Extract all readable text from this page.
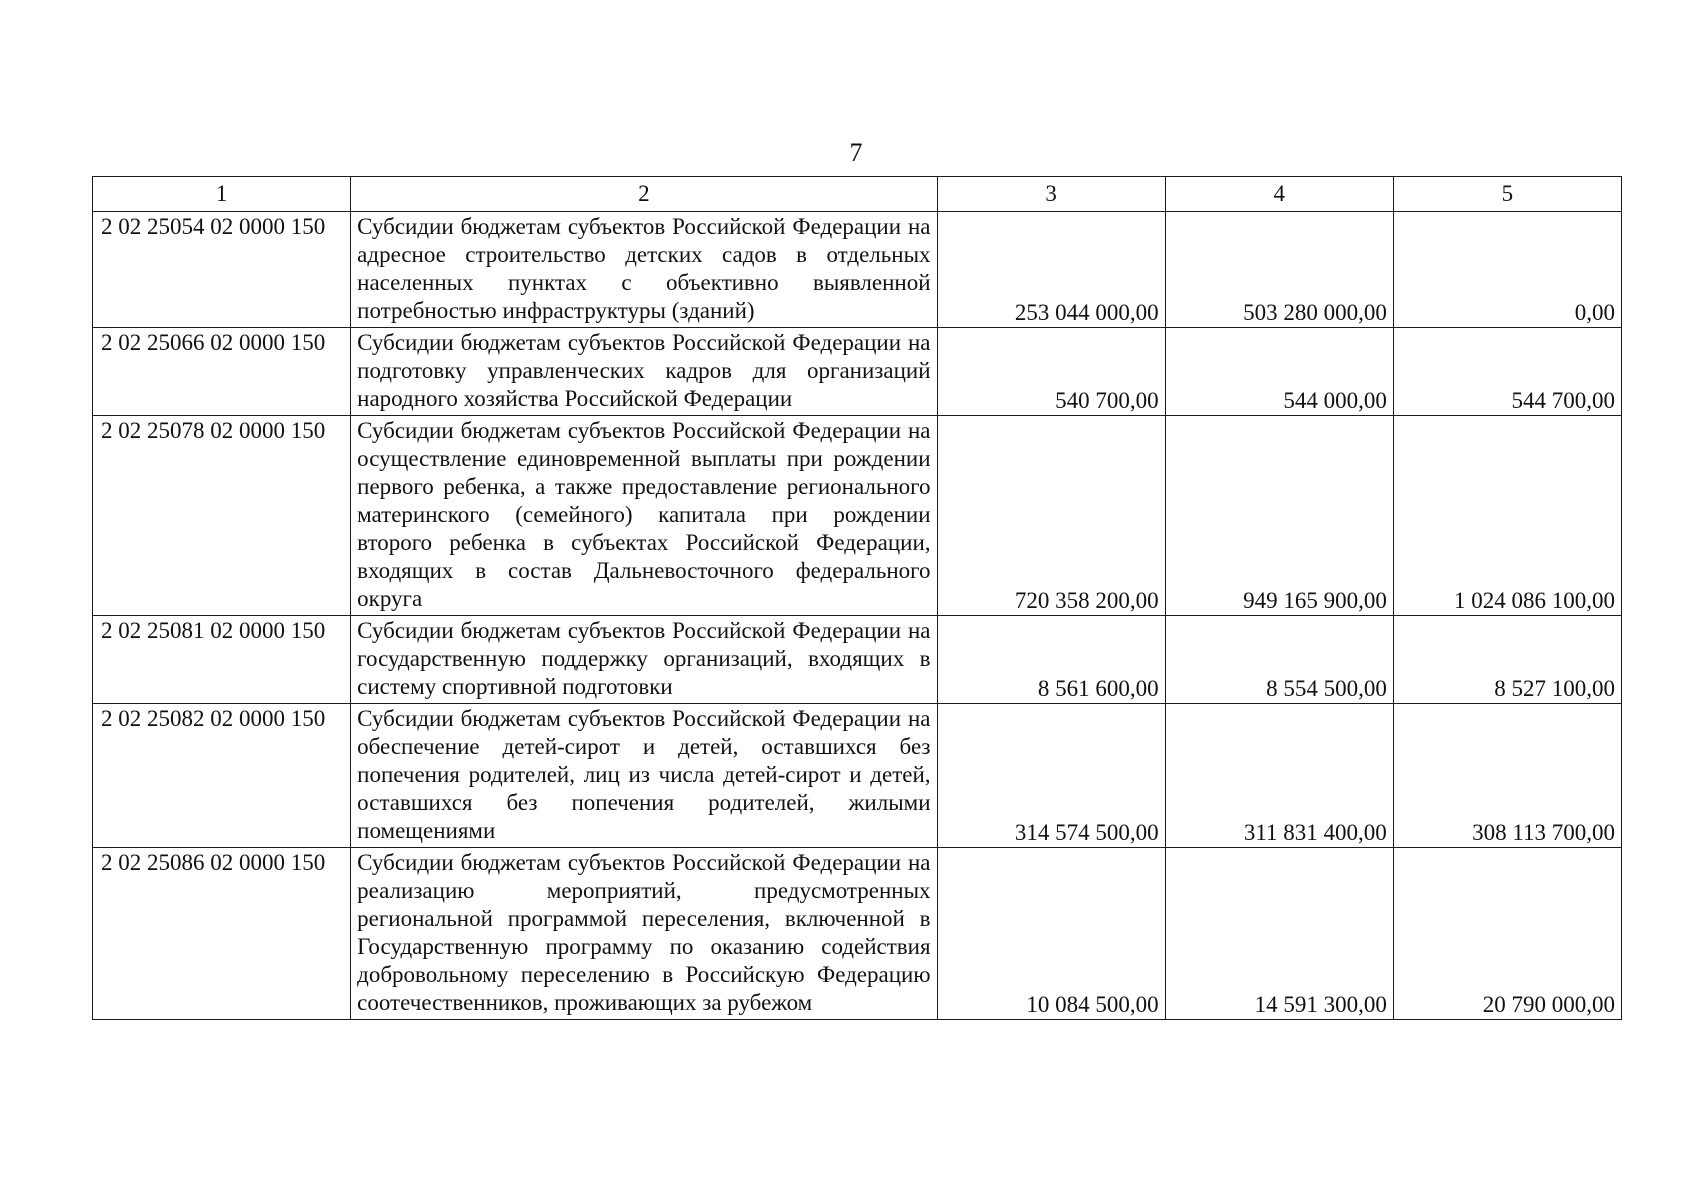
7
1	2	3	4	5
2 02 25054 02 0000 150	Субсидии бюджетам субъектов Российской Федерации на адресное строительство детских садов в отдельных населенных пунктах с объективно выявленной потребностью инфраструктуры (зданий)	253 044 000,00	503 280 000,00	0,00
2 02 25066 02 0000 150	Субсидии бюджетам субъектов Российской Федерации на подготовку управленческих кадров для организаций народного хозяйства Российской Федерации	540 700,00	544 000,00	544 700,00
2 02 25078 02 0000 150	Субсидии бюджетам субъектов Российской Федерации на осуществление единовременной выплаты при рождении первого ребенка, а также предоставление регионального материнского (семейного) капитала при рождении второго ребенка в субъектах Российской Федерации, входящих в состав Дальневосточного федерального округа	720 358 200,00	949 165 900,00	1 024 086 100,00
2 02 25081 02 0000 150	Субсидии бюджетам субъектов Российской Федерации на государственную поддержку организаций, входящих в систему спортивной подготовки	8 561 600,00	8 554 500,00	8 527 100,00
2 02 25082 02 0000 150	Субсидии бюджетам субъектов Российской Федерации на обеспечение детей-сирот и детей, оставшихся без попечения родителей, лиц из числа детей-сирот и детей, оставшихся без попечения родителей, жилыми помещениями	314 574 500,00	311 831 400,00	308 113 700,00
2 02 25086 02 0000 150	Субсидии бюджетам субъектов Российской Федерации на реализацию мероприятий, предусмотренных региональной программой переселения, включенной в Государственную программу по оказанию содействия добровольному переселению в Российскую Федерацию соотечественников, проживающих за рубежом	10 084 500,00	14 591 300,00	20 790 000,00
